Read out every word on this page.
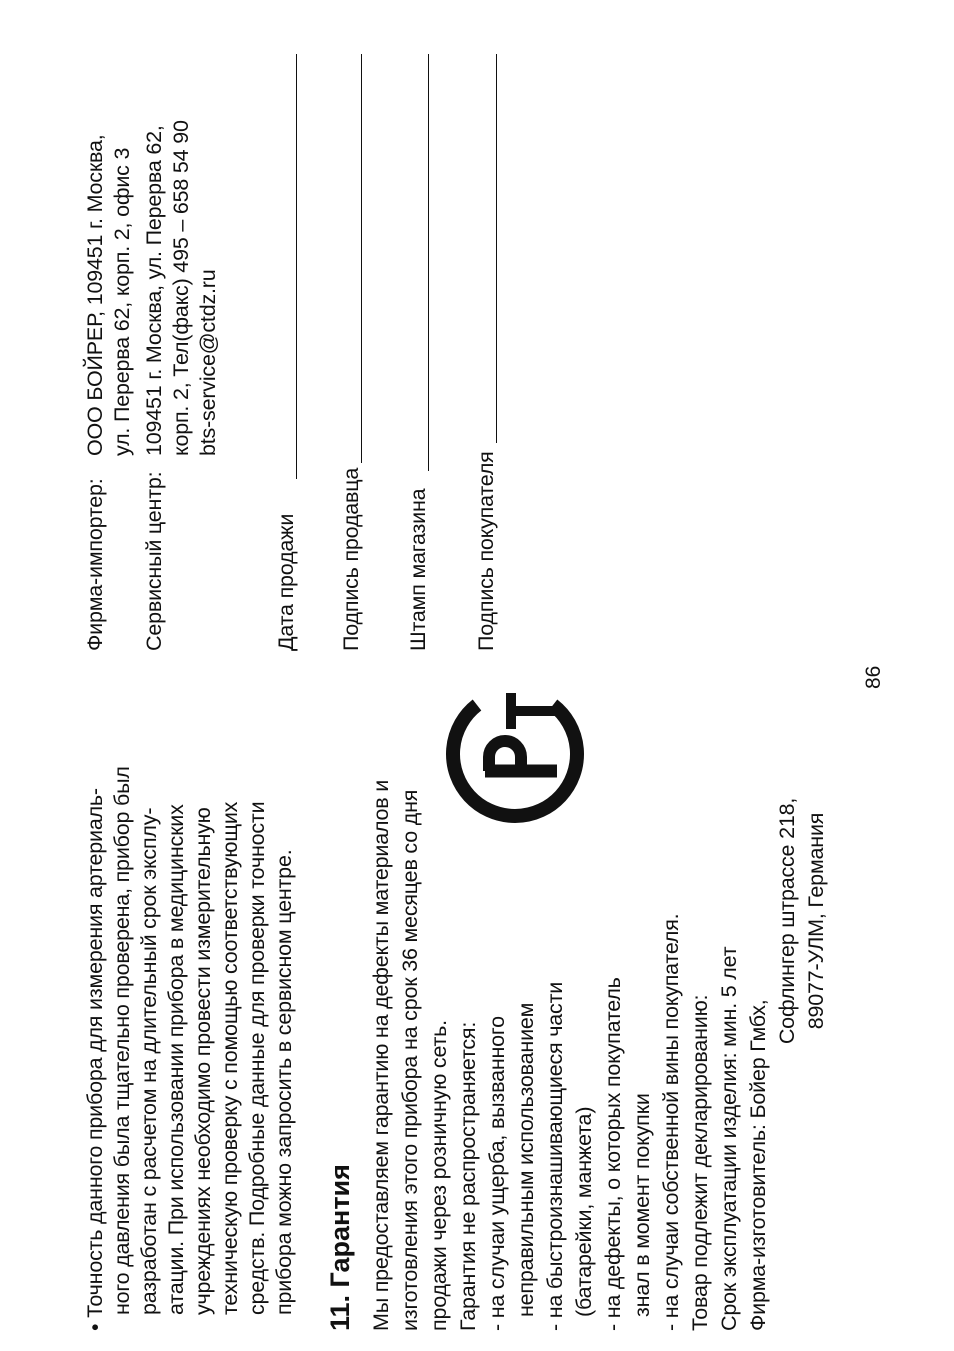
• Точность данного прибора для измерения артериаль- ного давления была тщательно проверена, прибор был разработан с расчетом на длительный срок эксплу- атации. При использовании прибора в медицинских учреждениях необходимо провести измерительную техническую проверку с помощью соответствующих средств. Подробные данные для проверки точности прибора можно запросить в сервисном центре. 11. Гарантия Мы предоставляем гарантию на дефекты материалов и изготовления этого прибора на срок 36 месяцев со дня продажи через розничную сеть. Гарантия не распространяется: - на случаи ущерба, вызванного неправильным использованием - на быстроизнашивающиеся части (батарейки, манжета) - на дефекты, о которых покупатель знал в момент покупки - на случаи собственной вины покупателя. Товар подлежит декларированию: Срок эксплуатации изделия: мин. 5 лет Фирма-изготовитель: Бойер Гмбх,
Софлингер штрассе 218, 89077-УЛМ, Германия
Фирма-импортер:
ООО БОЙРЕР, 109451 г. Москва, ул. Перерва 62, корп. 2, офис 3
Сервисный центр:
109451 г. Москва, ул. Перерва 62, корп. 2, Тел(факс) 495 – 658 54 90 bts-service@ctdz.ru
Дата продажи Подпись продавца Штамп магазина Подпись покупателя
86
